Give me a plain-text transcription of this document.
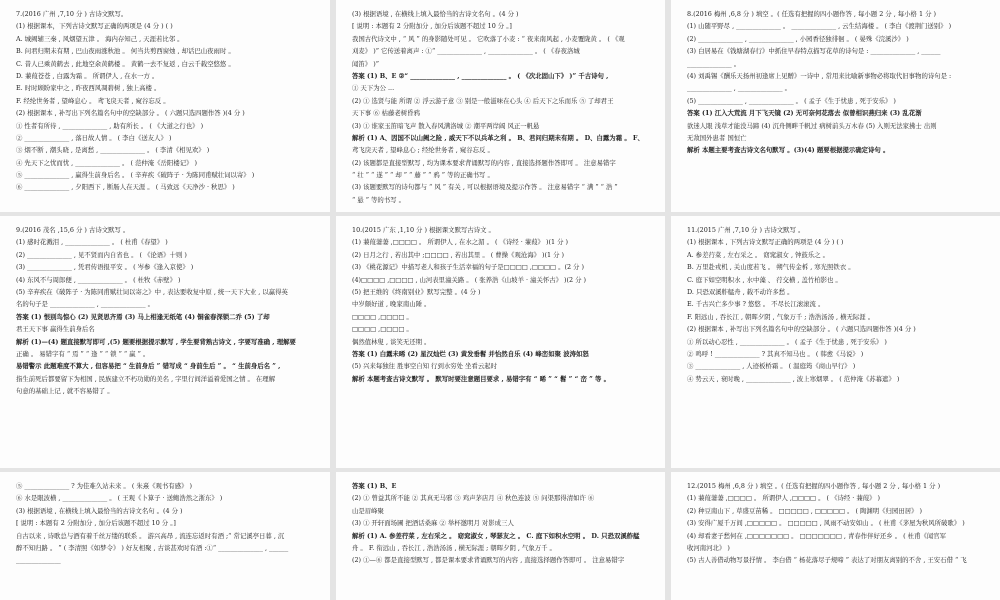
7.(2016 广州 ,7,10 分 ) 古诗文默写。
(1) 根据课本，下列古诗文默写正确的两项是 (4 分 ) ( )
A. 城阙辅三秦 , 风烟望五津 。 海内存知己 , 天涯若比邻 。
B. 问君归期未有期 , 巴山夜雨涨秋池 。 何当共剪西窗烛 , 却话巴山夜雨时 。
C. 昔人已乘黄鹤去 , 此地空余黄鹤楼 。 黄鹤一去不复返 , 白云千载空悠悠 。
D. 蒹葭苍苍 , 白露为霜 。 所谓伊人 , 在水一方 。
E. 时时顾盼家中之 , 昨夜西风凋碧树 , 独上高楼 。
F. 经纶世务者 , 望峰息心 。 鸢飞戾天者 , 窥谷忘反 。
(2) 根据课本 , 补写出下列名篇名句中的空缺部分 。 ( 六题只选四题作答 )(4 分 )
① 性者有所待 , ______________ , 助有所长 。 ( 《大道之行也》 )
② ______________ , 落日故人情 。 ( 李白《送友人》 )
③ 烟不断 , 潮头晓 , 是离愁 , ______________ 。 ( 李清《相见欢》 )
④ 先天下之忧而忧 , ______________ 。 ( 范仲淹《岳阳楼记》 )
⑤ ______________ , 赢得生前身后名 。 ( 辛弃疾《破阵子 · 为陈同甫赋壮词以寄》 )
⑥ ______________ , 夕阳西下 , 断肠人在天涯 。 ( 马致远《天净沙 · 秋思》 )
(3) 根据语境 , 在横线上填入最恰当的古诗文名句 。(4 分 )
[ 说明 : 本题有 2 分附加分 , 加分后该题不超过 10 分 。]
我国古代诗文中 , “ 风 ” 的身影随处可见 。 它吹落了小麦 : “ 夜来南风起 , 小麦覆陇黄 。 ( 《观
刈麦》 )” 它传送着离声 : ①“ ______________ , ______________ 。 ( 《春夜洛城
闻笛》 )”
答案 (1) B、E ②“ ______________ , ______________ 。 ( 《次北固山下》 )” 千古诗句 ,
① 天下为公 ...
(2) ① 选贤与能 所谓 ② 浮云游子意 ③ 别是一般滋味在心头 ④ 后天下之乐而乐 ⑤ 了却君王
天下事 ⑥ 枯藤老树昏鸦
(3) ① 谁家玉笛暗飞声 散入春风满洛城 ② 潮平两岸阔 风正一帆悬
解析 (1) A、因国不以山阙之险 , 威天下不以兵革之利 。 B、君问归期未有期 。 D、白露为霜 。 F、
鸢飞戾天者 , 望峰息心 ; 经纶世务者 , 窥谷忘反 。
(2) 该题都是直接型默写 , 均为课本要求背诵默写的内容 , 直接选择题作答即可 。 注意易错字
“ 壮 ” “ 遂 ” “ 却 ” “ 藤 ” “ 鸦 ” 等的正确书写 。
(3) 该题要默写的诗句都与 “ 风 ” 有关 , 可以根据语境及提示作答 。 注意易错字 “ 满 ” “ 浩 ”
“ 悬 ” 等的书写 。
8.(2016 梅州 ,6,8 分 ) 填空 。( 任选有把握的四小题作答 , 每小题 2 分 , 每小格 1 分 )
(1) 山随平野尽 , ______________ 。 ______________ , 云生结海楼 。 ( 李白《渡荆门送别》 )
(2) ______________ , ______________ , 小园香径独徘徊 。 ( 晏殊《浣溪沙》 )
(3) 白居易在《钱塘湖春行》中抓住早春特点描写花草的诗句是 : ______________ , ______
______________ 。
(4) 刘禹锡《酬乐天扬州初逢席上见赠》一诗中 , 常用来比喻新事物必将取代旧事物的诗句是 :
______________ , ______________ 。
(5) ______________ , ______________ 。 ( 孟子《生于忧患 , 死于安乐》 )
答案 (1) 江入大荒流 月下飞天镜 (2) 无可奈何花落去 似曾相识燕归来 (3) 乱花渐
欲迷人眼 浅草才能没马蹄 (4) 沉舟侧畔千帆过 病树前头万木春 (5) 入则无法家拂士 出则
无敌国外患者 国恒亡
解析 本题主要考查古诗文名句默写 。(3)(4) 题要根据提示确定诗句 。
9.(2016 茂名 ,15,6 分 ) 古诗文默写 。
(1) 感时花溅泪 , ______________ 。 ( 杜甫《春望》 )
(2) ______________ , 见不贤而内自省也 。 ( 《论语》十则 )
(3) ______________ , 凭君传语报平安 。 ( 岑参《逢入京使》 )
(4) 东风不与周郎便 , ______________ 。 ( 杜牧《赤壁》 )
(5) 辛弃疾在《破阵子 · 为陈同甫赋壮词以寄之》中 , 表达要收复中原 , 统一天下大业 , 以赢得英
名的句子是 ______________ , ______________ 。
答案 (1) 恨别鸟惊心 (2) 见贤思齐焉 (3) 马上相逢无纸笔 (4) 铜雀春深锁二乔 (5) 了却
君王天下事 赢得生前身后名
解析 (1)—(4) 题直接默写即可 ,(5) 题要根据提示默写 , 学生要背熟古诗文 , 字要写准确 , 理解要
正确 。 易错字有 “ 焉 ” “ 逢 ” “ 锁 ” “ 赢 ” 。
易错警示 此题难度不算大 , 但容易把 “ 生前身后 ” 错写成 “ 身前生后 ” 。 “ 生前身后名 ” ,
指生前死后都要留下为相国 , 民族建立不朽功勋的美名 , 字里行间洋溢着爱国之情 。 在理解
句意的基础上记 , 就不容易错了 。
10.(2015 广东 ,1,10 分 ) 根据课文默写古诗文 。
(1) 蒹葭萋萋 ,□□□□ 。 所谓伊人 , 在水之湄 。 ( 《诗经 · 蒹葭》 )(1 分 )
(2) 日月之行 , 若出其中 ;□□□□ , 若出其里 。 ( 曹操《观沧海》 )(1 分 )
(3) 《桃花源记》中描写老人和孩子生活幸福的句子是□□□□ ,□□□□ 。(2 分 )
(4)□□□□ ,□□□□ , 山河表里潼关路 。 ( 张养浩《山坡羊 · 潼关怀古》 )(2 分 )
(5) 把王维的《终南别业》默写完整 。(4 分 )
中岁颇好道 , 晚家南山陲 。
□□□□ ,□□□□ 。
□□□□ ,□□□□ 。
偶然值林叟 , 谈笑无还期 。
答案 (1) 白露未晞 (2) 星汉灿烂 (3) 黄发垂髫 并怡然自乐 (4) 峰峦如聚 波涛如怒
(5) 兴来每独往 胜事空自知 行到水穷处 坐看云起时
解析 本题考查古诗文默写 。 默写时要注意题目要求 , 易错字有 “ 晞 ” “ 髫 ” “ 峦 ” 等 。
11.(2015 广州 ,7,10 分 ) 古诗文默写 。
(1) 根据课本 , 下列古诗文默写正确的两项是 (4 分 ) ( )
A. 参差荇菜 , 左右采之 。 窈窕淑女 , 钟鼓乐之 。
B. 万里赴戎机 , 关山度若飞 。 朔气传金柝 , 寒光照铁衣 。
C. 庭下如空明积水 , 水中藻 、 荇交横 , 盖竹柏影也 。
D. 只恐双溪舴艋舟 , 载不动许多愁 。
E. 千古兴亡多少事 ? 悠悠 。 不尽长江滚滚流 。
F. 阳远山 , 吞长江 , 朝晖夕阴 , 气象万千 ; 浩浩汤汤 , 横无际涯 。
(2) 根据课本 , 补写出下列名篇名句中的空缺部分 。 ( 六题只选四题作答 )(4 分 )
① 所以动心忍性 , ______________ 。 ( 孟子《生于忧患 , 死于安乐》 )
② 鸣呼 ! ______________ ? 其真不知马也 。 ( 韩愈《马说》 )
③ ______________ , 人迹板桥霜 。 ( 温庭筠《商山早行》 )
④ 势云天 , 衰时晚 , ______________ , 波上寒烟翠 。 ( 范仲淹《苏幕遮》 )
⑤ ______________ ? 为佳难久站未来 。 ( 朱熹《观书有感》 )
⑥ 水是眼波横 , ______________ 。 ( 王观《卜算子 · 送鲍浩然之浙东》 )
(3) 根据语境 , 在横线上填入最恰当的古诗文名句 。(4 分 )
[ 说明 : 本题有 2 分附加分 , 加分后该题不超过 10 分 。]
自古以来 , 诗歌总与酒有着千丝万缕的联系 。 游兴高昂 , 流连忘返时有酒 ;“ 常记溪亭日暮 , 沉
醉不知归路 。 ” ( 李清照《如梦令》 ) 好友相聚 , 古谈甚欢时有酒 :①“ ______________ , ______
______________
答案 (1) B、E
(2) ① 曾益其所不能 ② 其真无马邪 ③ 鸡声茅店月 ④ 秋色连波 ⑤ 问渠那得清如许 ⑥
山是眉峰聚
(3) ① 开轩面场圃 把酒话桑麻 ② 举杯邀明月 对影成三人
解析 (1) A. 参差荇菜 , 左右采之 。 窈窕淑女 , 琴瑟友之 。 C. 庭下如积水空明 。 D. 只恐双溪舴艋
舟 。 F. 衔远山 , 吞长江 , 浩浩汤汤 , 横无际涯 ; 朝晖夕阴 , 气象万千 。
(2) ①—⑥ 都是直接型默写 , 都是课本要求背诵默写的内容 , 直接选择题作答即可 。 注意易错字
12.(2015 梅州 ,6,8 分 ) 填空 。( 任选有把握的四小题作答 , 每小题 2 分 , 每小格 1 分 )
(1) 蒹葭萋萋 ,□□□□ 。 所谓伊人 ,□□□□ 。 ( 《诗经 · 蒹葭》 )
(2) 种豆南山下 , 草盛豆苗稀 。 □□□□□ , □□□□□ 。 ( 陶渊明《归园田居》 )
(3) 安得广厦千万间 ,□□□□□ 。 □□□□□ , 风雨不动安如山 。 ( 杜甫《茅屋为秋风所破歌》 )
(4) 却看妻子愁何在 ,□□□□□□□ 。 □□□□□□□ , 青春作伴好还乡 。 ( 杜甫《闻官军
收河南河北》 )
(5) 古人善借动物写景抒情 。 李白借 “ 杨花落尽子规啼 ” 表达了对朋友离别的不舍 , 王安石借 “ 飞
